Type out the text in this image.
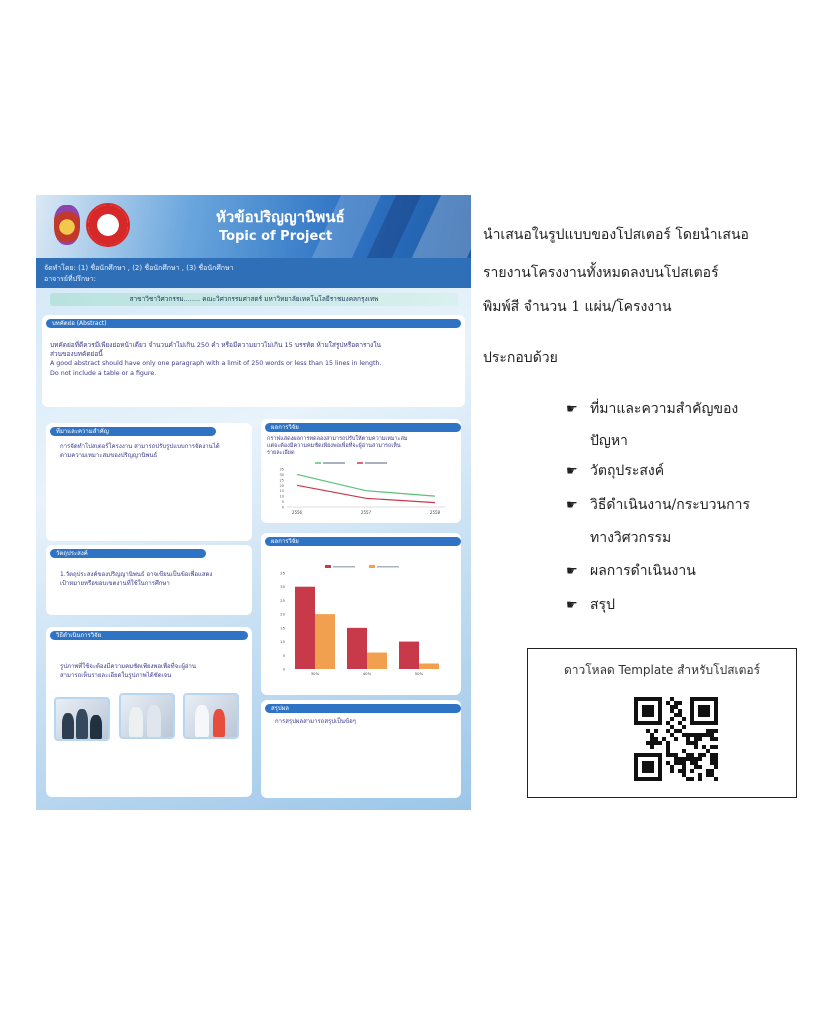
หัวข้อปริญญานิพนธ์
Topic of Project
จัดทำโดย: (1) ชื่อนักศึกษา , (2) ชื่อนักศึกษา , (3) ชื่อนักศึกษา
อาจารย์ที่ปรึกษา:
สาขาวิชาวิศวกรรม........ คณะวิศวกรรมศาสตร์ มหาวิทยาลัยเทคโนโลยีราชมงคลกรุงเทพ
บทคัดย่อ (Abstract)
บทคัดย่อที่ดีควรมีเพียงย่อหน้าเดียว จำนวนคำไม่เกิน 250 คำ หรือมีความยาวไม่เกิน 15 บรรทัด ห้ามใส่รูปหรือตารางใน
ส่วนของบทคัดย่อนี้
A good abstract should have only one paragraph with a limit of 250 words or less than 15 lines in length.
Do not include a table or a figure.
ที่มาและความสำคัญ
การจัดทำโปสเตอร์โครงงาน สามารถปรับรูปแบบการจัดงานได้
ตามความเหมาะสมของปริญญานิพนธ์
ผลการวิจัย
กราฟแสดงผลการทดลองสามารถปรับให้ตามความเหมาะสม
แต่จะต้องมีความคมชัดเพียงพอเพื่อที่จะผู้อ่านสามารถเห็น
รายละเอียด
35
30
25
20
15
10
5
0
2556	2557	2558
วัตถุประสงค์
1.วัตถุประสงค์ของปริญญานิพนธ์ อาจเขียนเป็นข้อเพื่อแสดง
เป้าหมายหรือขอบเขตงานที่ใช้ในการศึกษา
ผลการวิจัย
35
30
25
20
15
10
5
0
30%	40%	50%
วิธีดำเนินการวิจัย
รูปภาพที่ใช้จะต้องมีความคมชัดเพียงพอเพื่อที่จะผู้อ่าน
สามารถเห็นรายละเอียดในรูปภาพได้ชัดเจน
สรุปผล
การสรุปผลสามารถสรุปเป็นข้อๆ
นำเสนอในรูปแบบของโปสเตอร์ โดยนำเสนอ
รายงานโครงงานทั้งหมดลงบนโปสเตอร์
พิมพ์สี จำนวน 1 แผ่น/โครงงาน
ประกอบด้วย
☛ ที่มาและความสำคัญของ
ปัญหา
☛ วัตถุประสงค์
☛ วิธีดำเนินงาน/กระบวนการ
ทางวิศวกรรม
☛ ผลการดำเนินงาน
☛ สรุป
ดาวโหลด Template สำหรับโปสเตอร์
